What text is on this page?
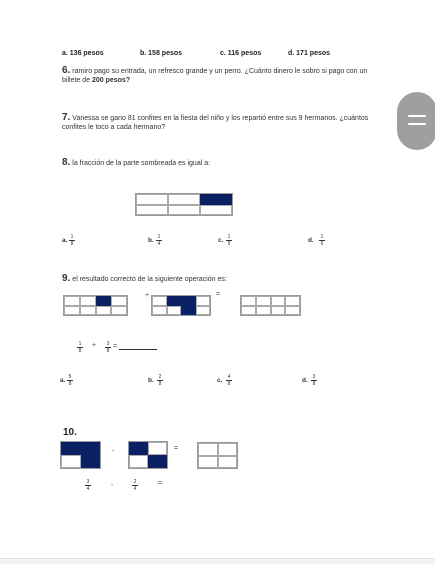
a. 136 pesos	b. 158 pesos	c. 116 pesos	d. 171 pesos
6. ramiro pago su entrada, un refresco grande y un perro. ¿Cuánto dinero le sobro si pago con un
billete de 200 pesos?
7. Vanessa se gano 81 confites en la fiesta del niño y los repartió entre sus 9 hermanos. ¿cuántos
confites le toco a cada hermano?
8. la fracción de la parte sombreada es igual a:
a. 1
8	b. 1
4	c. 1
5	d.	1
6
9. el resultado correcto de la siguiente operación es:
+	=
1
8
+	3
8
=
a. 5
8	b. 2
8	c.	4
8	d. 3
8
10.
-	=
3
4	-	2
4
=
